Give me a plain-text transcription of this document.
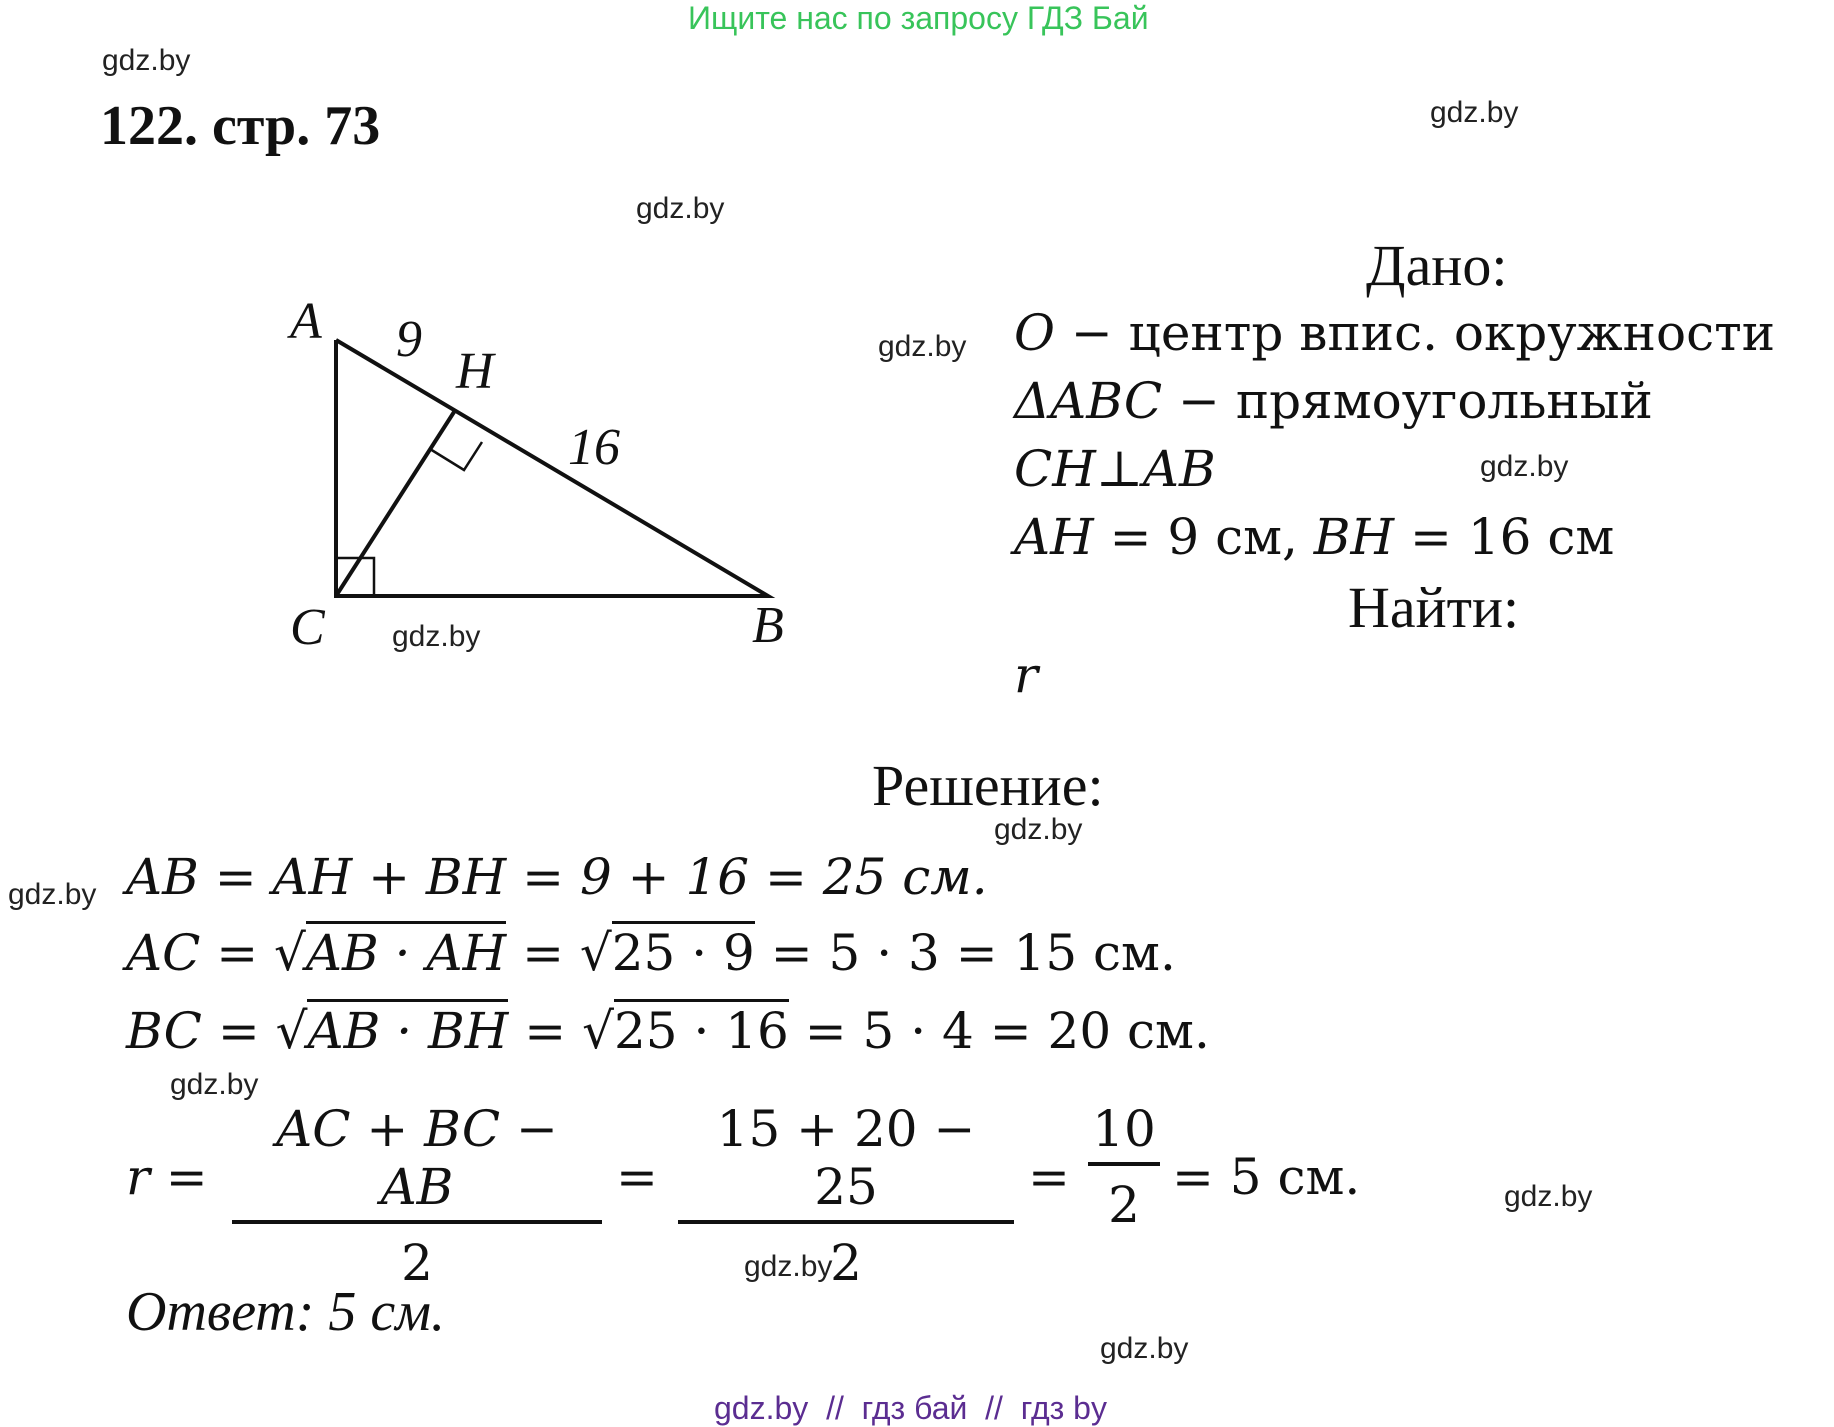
Ищите нас по запросу ГДЗ Бай
gdz.by
gdz.by
gdz.by
gdz.by
gdz.by
gdz.by
gdz.by
gdz.by
gdz.by
gdz.by
gdz.by
gdz.by
122. стр. 73
A 9
H
16
C	B
Дано:
O − центр впис. окружности
ΔABC − прямоугольный
CH⊥AB
AH = 9 см, BH = 16 см
Найти:
r
Решение:
AB = AH + BH = 9 + 16 = 25 см.
AC = √AB · AH = √25 · 9 = 5 · 3 = 15 см.
BC = √AB · BH = √25 · 16 = 5 · 4 = 20 см.
r =
AC + BC − AB
2
=
15 + 20 − 25
2
=
10
2 = 5 см.
Ответ: 5 см.
gdz.by  //  гдз бай  //  гдз by
